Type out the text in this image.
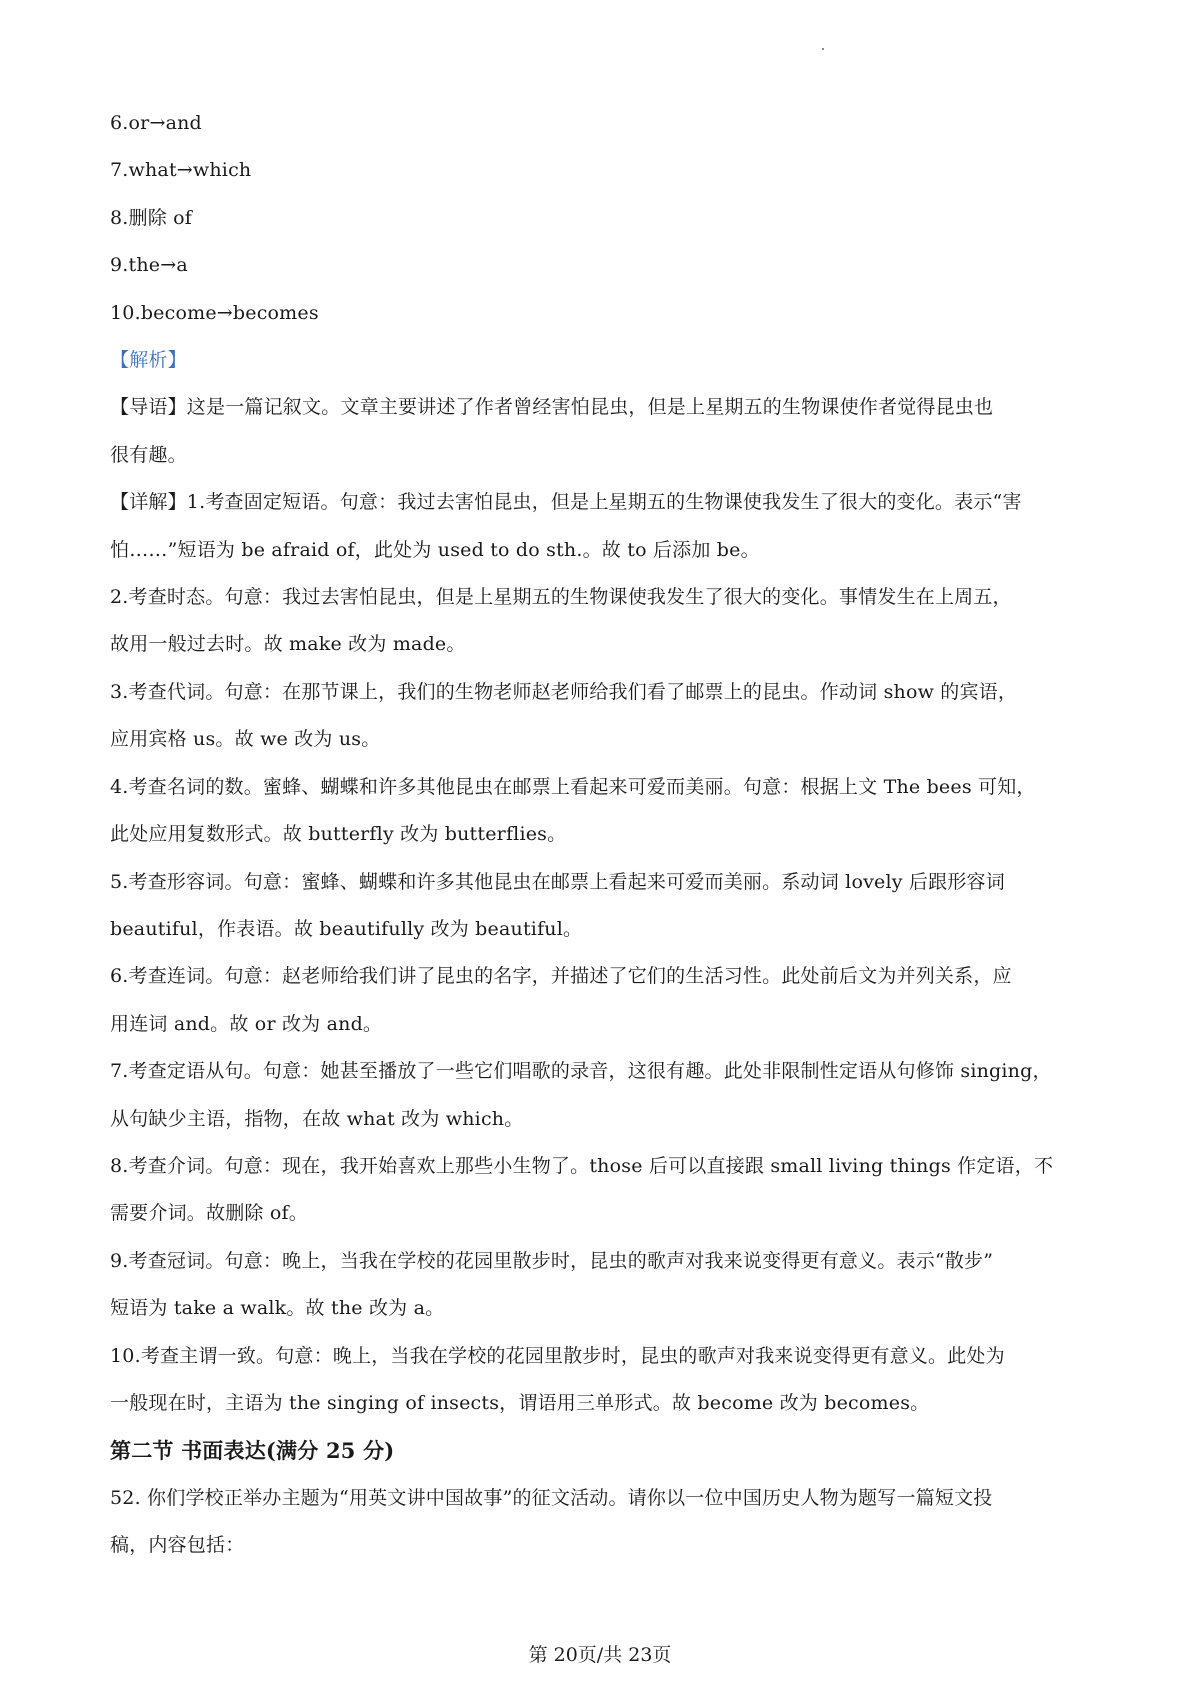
6.or→and
7.what→which
8.删除 of
9.the→a
10.become→becomes
【解析】
【导语】这是一篇记叙文。文章主要讲述了作者曾经害怕昆虫，但是上星期五的生物课使作者觉得昆虫也
很有趣。
【详解】1.考查固定短语。句意：我过去害怕昆虫，但是上星期五的生物课使我发生了很大的变化。表示“害
怕……”短语为 be afraid of，此处为 used to do sth.。故 to 后添加 be。
2.考查时态。句意：我过去害怕昆虫，但是上星期五的生物课使我发生了很大的变化。事情发生在上周五，
故用一般过去时。故 make 改为 made。
3.考查代词。句意：在那节课上，我们的生物老师赵老师给我们看了邮票上的昆虫。作动词 show 的宾语，
应用宾格 us。故 we 改为 us。
4.考查名词的数。蜜蜂、蝴蝶和许多其他昆虫在邮票上看起来可爱而美丽。句意：根据上文 The bees 可知，
此处应用复数形式。故 butterfly 改为 butterflies。
5.考查形容词。句意：蜜蜂、蝴蝶和许多其他昆虫在邮票上看起来可爱而美丽。系动词 lovely 后跟形容词
beautiful，作表语。故 beautifully 改为 beautiful。
6.考查连词。句意：赵老师给我们讲了昆虫的名字，并描述了它们的生活习性。此处前后文为并列关系，应
用连词 and。故 or 改为 and。
7.考查定语从句。句意：她甚至播放了一些它们唱歌的录音，这很有趣。此处非限制性定语从句修饰 singing，
从句缺少主语，指物，在故 what 改为 which。
8.考查介词。句意：现在，我开始喜欢上那些小生物了。those 后可以直接跟 small living things 作定语，不
需要介词。故删除 of。
9.考查冠词。句意：晚上，当我在学校的花园里散步时，昆虫的歌声对我来说变得更有意义。表示“散步”
短语为 take a walk。故 the 改为 a。
10.考查主谓一致。句意：晚上，当我在学校的花园里散步时，昆虫的歌声对我来说变得更有意义。此处为
一般现在时，主语为 the singing of insects，谓语用三单形式。故 become 改为 becomes。
第二节 书面表达(满分 25 分)
52. 你们学校正举办主题为“用英文讲中国故事”的征文活动。请你以一位中国历史人物为题写一篇短文投
稿，内容包括：
第 20页/共 23页
